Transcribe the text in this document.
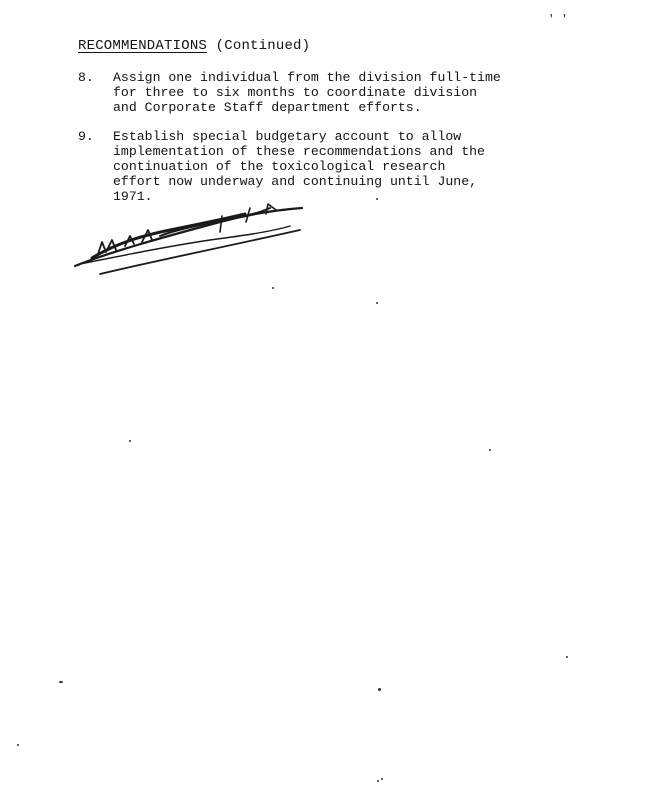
' '
RECOMMENDATIONS (Continued)
8. Assign one individual from the division full-time
for three to six months to coordinate division
and Corporate Staff department efforts.
9. Establish special budgetary account to allow
implementation of these recommendations and the
continuation of the toxicological research
effort now underway and continuing until June,
1971.
